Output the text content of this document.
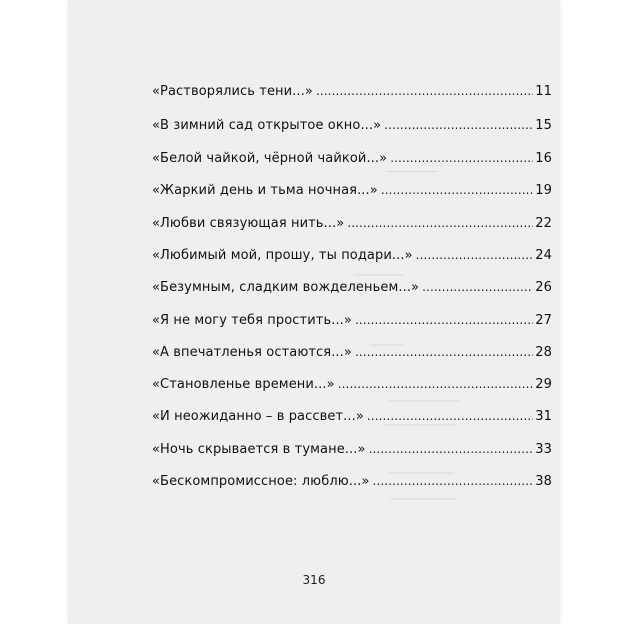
⎯⎯⎯⎯⎯⎯⎯
⎯⎯⎯⎯⎯⎯⎯⎯⎯
⎯⎯⎯⎯⎯⎯
⎯⎯⎯⎯⎯⎯⎯⎯⎯⎯⎯⎯⎯
⎯⎯⎯⎯⎯⎯⎯⎯⎯⎯⎯⎯⎯
⎯⎯⎯⎯⎯⎯⎯⎯⎯⎯⎯⎯
⎯⎯⎯⎯⎯⎯⎯⎯⎯⎯⎯⎯
«Растворялись тени...» .....	11
«В зимний сад открытое окно...» .....	15
«Белой чайкой, чёрной чайкой...» .....	16
«Жаркий день и тьма ночная...» .....	19
«Любви связующая нить...» .....	22
«Любимый мой, прошу, ты подари...» .....	24
«Безумным, сладким вожделеньем...» .....	26
«Я не могу тебя простить...» .....	27
«А впечатленья остаются...» .....	28
«Становленье времени...» .....	29
«И неожиданно – в рассвет...» .....	31
«Ночь скрывается в тумане...» .....	33
«Бескомпромиссное: люблю...» .....	38
316
